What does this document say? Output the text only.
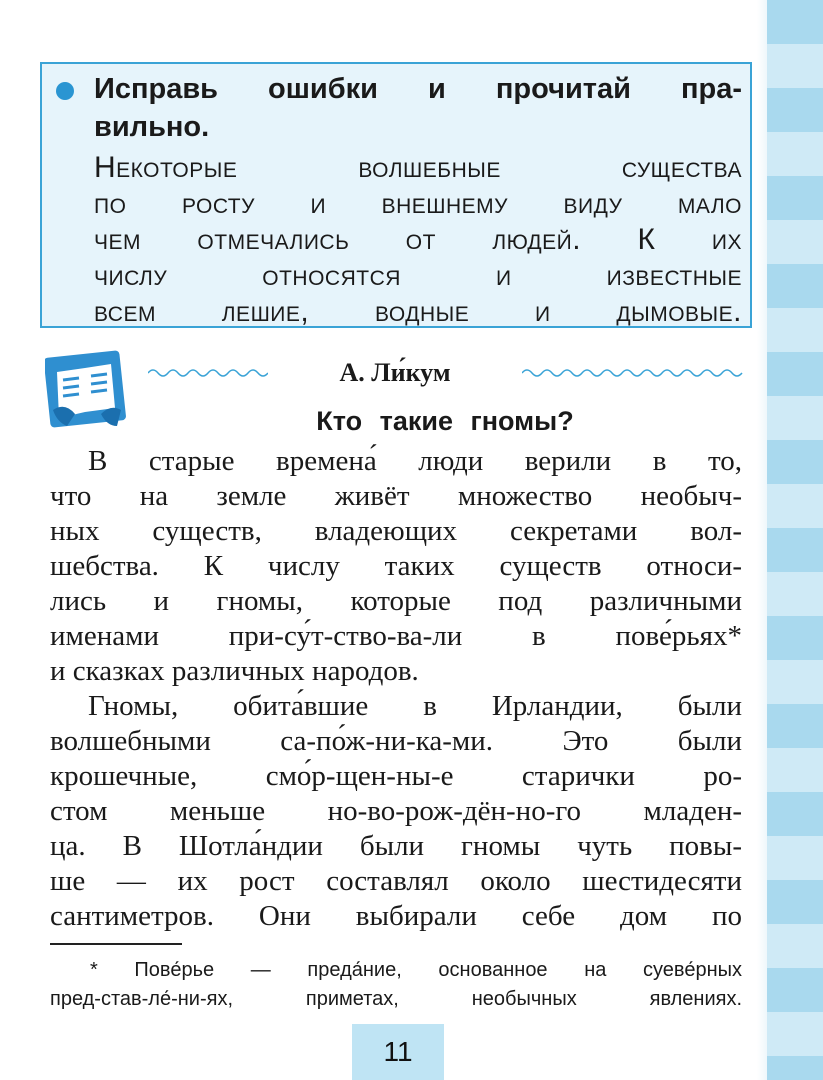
Исправь ошибки и прочитай пра-
вильно.
Некоторые волшебные существа
по росту и внешнему виду мало
чем отмечались от людей. К их
числу относятся и известные
всем лешие, водные и дымовые.
А. Ли́кум
Кто такие гномы?
В старые времена́ люди верили в то,
что на земле живёт множество необыч-
ных существ, владеющих секретами вол-
шебства. К числу таких существ относи-
лись и гномы, которые под различными
именами при-су́т-ство-ва-ли в пове́рьях*
и сказках различных народов.
Гномы, обита́вшие в Ирландии, были
волшебными са-по́ж-ни-ка-ми. Это были
крошечные, смо́р-щен-ны-е старички ро-
стом меньше но-во-рож-дён-но-го младен-
ца. В Шотла́ндии были гномы чуть повы-
ше — их рост составлял около шестидесяти
сантиметров. Они выбирали себе дом по
* Пове́рье — преда́ние, основанное на суеве́рных
пред-став-ле́-ни-ях, приметах, необычных явлениях.
11
